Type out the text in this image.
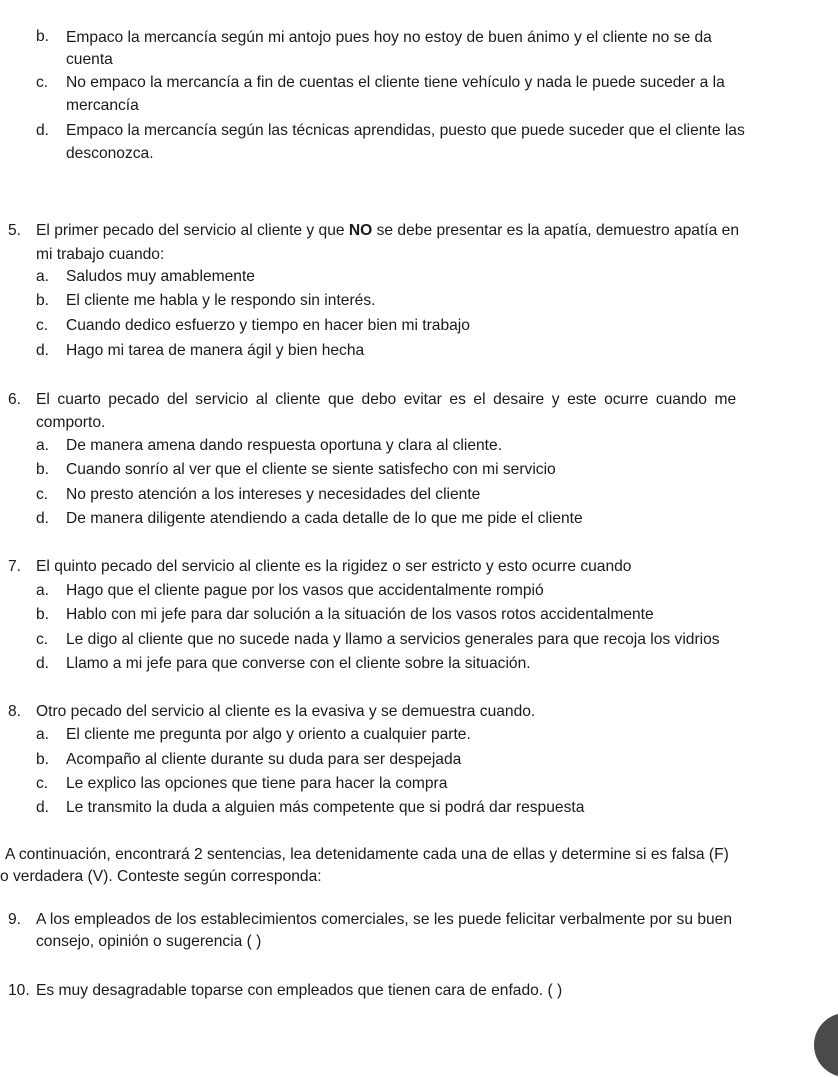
b. Empaco la mercancía según mi antojo pues hoy no estoy de buen ánimo y el cliente no se da
cuenta
c. No empaco la mercancía a fin de cuentas el cliente tiene vehículo y nada le puede suceder a la
mercancía
d. Empaco la mercancía según las técnicas aprendidas, puesto que puede suceder que el cliente las
desconozca.
5. El primer pecado del servicio al cliente y que NO se debe presentar es la apatía, demuestro apatía en
mi trabajo cuando:
a. Saludos muy amablemente
b. El cliente me habla y le respondo sin interés.
c. Cuando dedico esfuerzo y tiempo en hacer bien mi trabajo
d. Hago mi tarea de manera ágil y bien hecha
6. El cuarto pecado del servicio al cliente que debo evitar es el desaire y este ocurre cuando me
comporto.
a. De manera amena dando respuesta oportuna y clara al cliente.
b. Cuando sonrío al ver que el cliente se siente satisfecho con mi servicio
c. No presto atención a los intereses y necesidades del cliente
d. De manera diligente atendiendo a cada detalle de lo que me pide el cliente
7. El quinto pecado del servicio al cliente es la rigidez o ser estricto y esto ocurre cuando
a. Hago que el cliente pague por los vasos que accidentalmente rompió
b. Hablo con mi jefe para dar solución a la situación de los vasos rotos accidentalmente
c. Le digo al cliente que no sucede nada y llamo a servicios generales para que recoja los vidrios
d. Llamo a mi jefe para que converse con el cliente sobre la situación.
8. Otro pecado del servicio al cliente es la evasiva y se demuestra cuando.
a. El cliente me pregunta por algo y oriento a cualquier parte.
b. Acompaño al cliente durante su duda para ser despejada
c. Le explico las opciones que tiene para hacer la compra
d. Le transmito la duda a alguien más competente que si podrá dar respuesta
A continuación, encontrará 2 sentencias, lea detenidamente cada una de ellas y determine si es falsa (F)
o verdadera (V). Conteste según corresponda:
9. A los empleados de los establecimientos comerciales, se les puede felicitar verbalmente por su buen
consejo, opinión o sugerencia ( )
10. Es muy desagradable toparse con empleados que tienen cara de enfado. ( )
